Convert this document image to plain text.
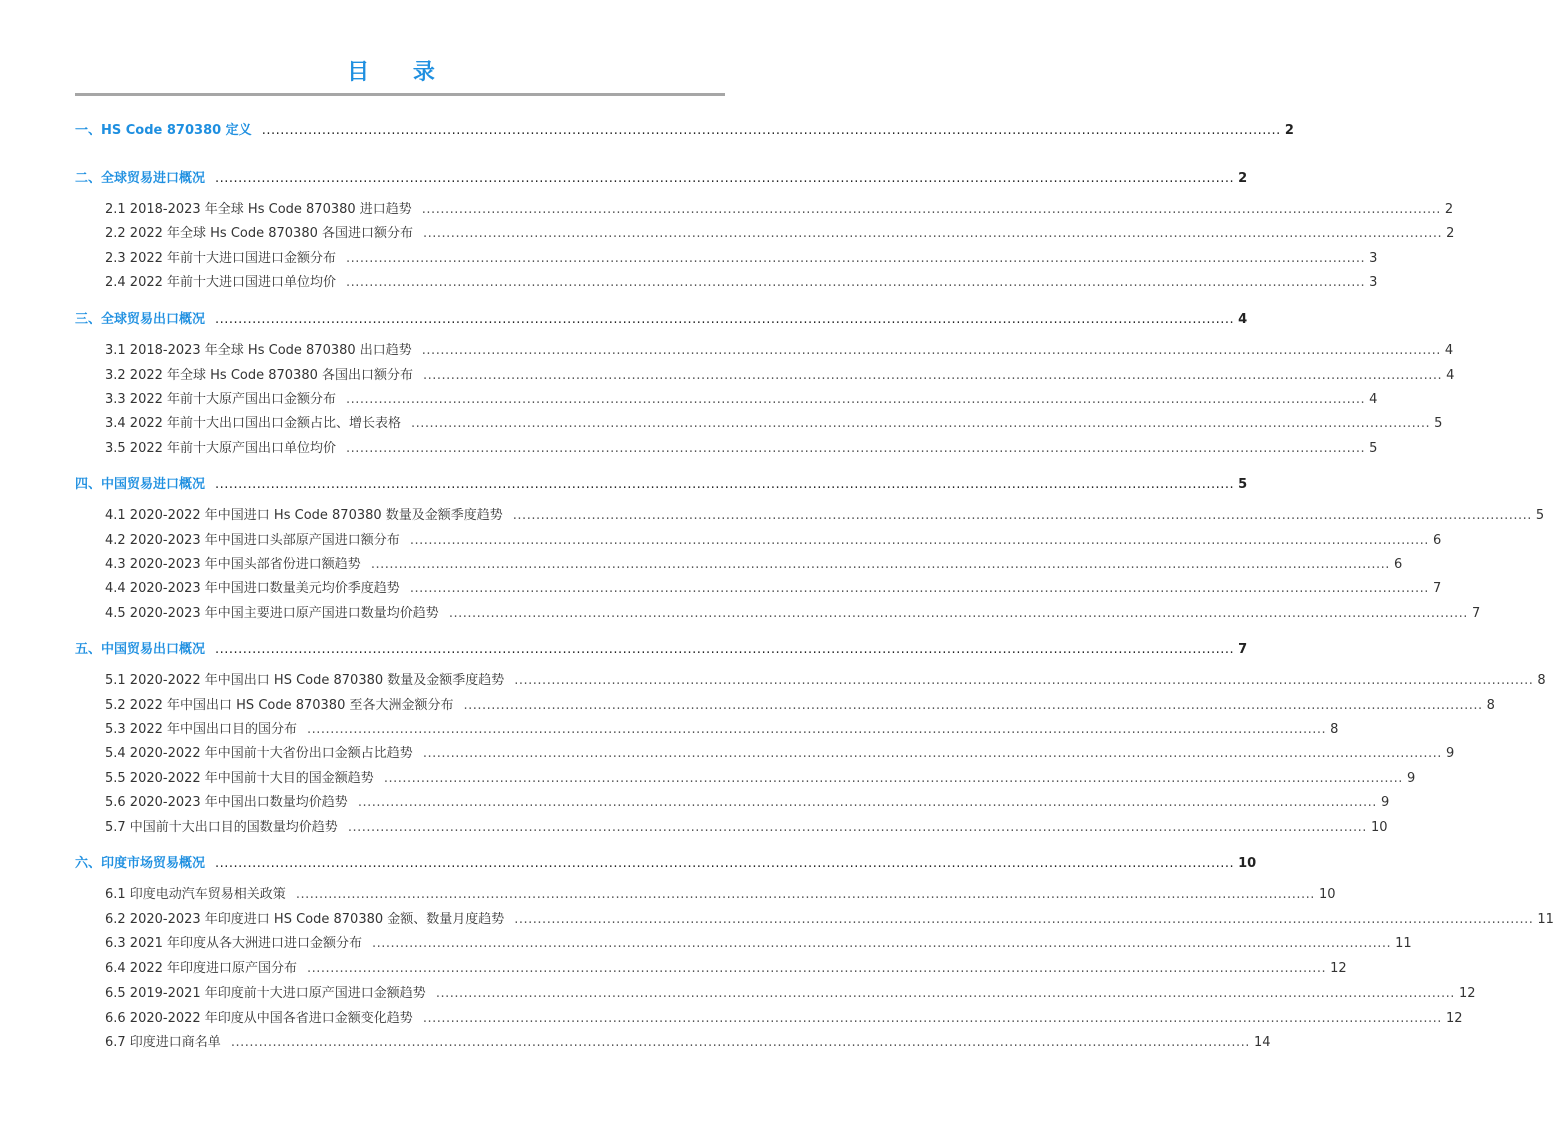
目 录
一、HS Code 870380 定义 ............................................................................................................................................................................................................................ 2
二、全球贸易进口概况 ............................................................................................................................................................................................................................ 2
2.1 2018-2023 年全球 Hs Code 870380 进口趋势 ............................................................................................................................................................................................................................ 2
2.2 2022 年全球 Hs Code 870380 各国进口额分布 ............................................................................................................................................................................................................................ 2
2.3 2022 年前十大进口国进口金额分布 ............................................................................................................................................................................................................................ 3
2.4 2022 年前十大进口国进口单位均价 ............................................................................................................................................................................................................................ 3
三、全球贸易出口概况 ............................................................................................................................................................................................................................ 4
3.1 2018-2023 年全球 Hs Code 870380 出口趋势 ............................................................................................................................................................................................................................ 4
3.2 2022 年全球 Hs Code 870380 各国出口额分布 ............................................................................................................................................................................................................................ 4
3.3 2022 年前十大原产国出口金额分布 ............................................................................................................................................................................................................................ 4
3.4 2022 年前十大出口国出口金额占比、增长表格 ............................................................................................................................................................................................................................ 5
3.5 2022 年前十大原产国出口单位均价 ............................................................................................................................................................................................................................ 5
四、中国贸易进口概况 ............................................................................................................................................................................................................................ 5
4.1 2020-2022 年中国进口 Hs Code 870380 数量及金额季度趋势 ............................................................................................................................................................................................................................ 5
4.2 2020-2023 年中国进口头部原产国进口额分布 ............................................................................................................................................................................................................................ 6
4.3 2020-2023 年中国头部省份进口额趋势 ............................................................................................................................................................................................................................ 6
4.4 2020-2023 年中国进口数量美元均价季度趋势 ............................................................................................................................................................................................................................ 7
4.5 2020-2023 年中国主要进口原产国进口数量均价趋势 ............................................................................................................................................................................................................................ 7
五、中国贸易出口概况 ............................................................................................................................................................................................................................ 7
5.1 2020-2022 年中国出口 HS Code 870380 数量及金额季度趋势 ............................................................................................................................................................................................................................ 8
5.2 2022 年中国出口 HS Code 870380 至各大洲金额分布 ............................................................................................................................................................................................................................ 8
5.3 2022 年中国出口目的国分布 ............................................................................................................................................................................................................................ 8
5.4 2020-2022 年中国前十大省份出口金额占比趋势 ............................................................................................................................................................................................................................ 9
5.5 2020-2022 年中国前十大目的国金额趋势 ............................................................................................................................................................................................................................ 9
5.6 2020-2023 年中国出口数量均价趋势 ............................................................................................................................................................................................................................ 9
5.7 中国前十大出口目的国数量均价趋势 ............................................................................................................................................................................................................................ 10
六、印度市场贸易概况 ............................................................................................................................................................................................................................ 10
6.1 印度电动汽车贸易相关政策 ............................................................................................................................................................................................................................ 10
6.2 2020-2023 年印度进口 HS Code 870380 金额、数量月度趋势 ............................................................................................................................................................................................................................ 11
6.3 2021 年印度从各大洲进口进口金额分布 ............................................................................................................................................................................................................................ 11
6.4 2022 年印度进口原产国分布 ............................................................................................................................................................................................................................ 12
6.5 2019-2021 年印度前十大进口原产国进口金额趋势 ............................................................................................................................................................................................................................ 12
6.6 2020-2022 年印度从中国各省进口金额变化趋势 ............................................................................................................................................................................................................................ 12
6.7 印度进口商名单 ............................................................................................................................................................................................................................ 14
